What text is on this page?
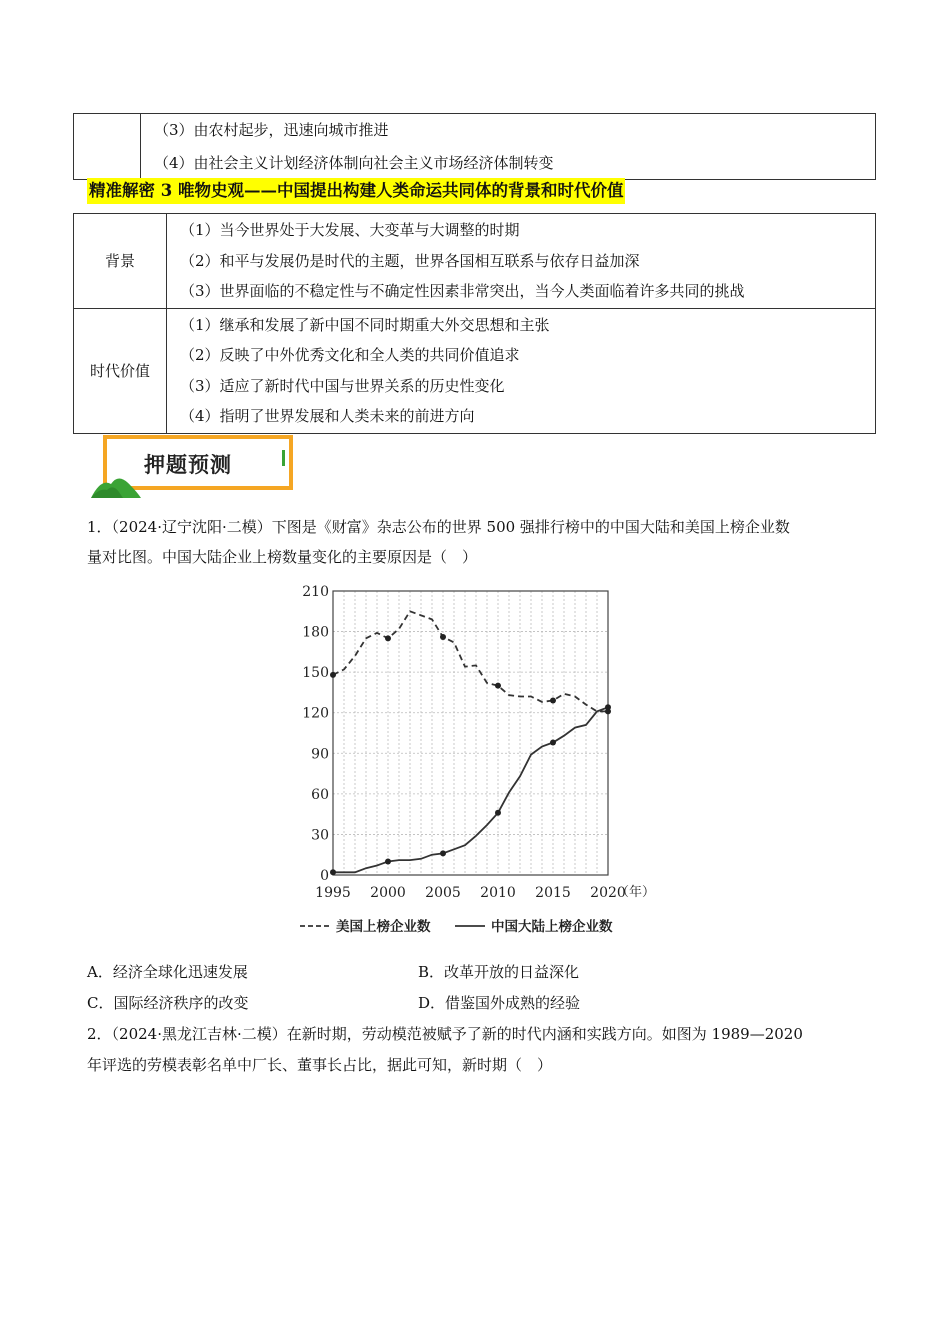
（3）由农村起步，迅速向城市推进

（4）由社会主义计划经济体制向社会主义市场经济体制转变
精准解密 3 唯物史观——中国提出构建人类命运共同体的背景和时代价值
背景	（1）当今世界处于大发展、大变革与大调整的时期
（2）和平与发展仍是时代的主题，世界各国相互联系与依存日益加深
（3）世界面临的不稳定性与不确定性因素非常突出，当今人类面临着许多共同的挑战

时代价值	（1）继承和发展了新中国不同时期重大外交思想和主张
（2）反映了中外优秀文化和全人类的共同价值追求
（3）适应了新时代中国与世界关系的历史性变化
（4）指明了世界发展和人类未来的前进方向
押题预测
1．（2024·辽宁沈阳·二模）下图是《财富》杂志公布的世界 500 强排行榜中的中国大陆和美国上榜企业数
量对比图。中国大陆企业上榜数量变化的主要原因是（　）
0
30
60
90
120
150
180
210
1995 2000 2005 2010 2015 2020
（年）
美国上榜企业数	中国大陆上榜企业数
A．经济全球化迅速发展	B．改革开放的日益深化
C．国际经济秩序的改变	D．借鉴国外成熟的经验
2．（2024·黑龙江吉林·二模）在新时期，劳动模范被赋予了新的时代内涵和实践方向。如图为 1989—2020
年评选的劳模表彰名单中厂长、董事长占比，据此可知，新时期（　）
